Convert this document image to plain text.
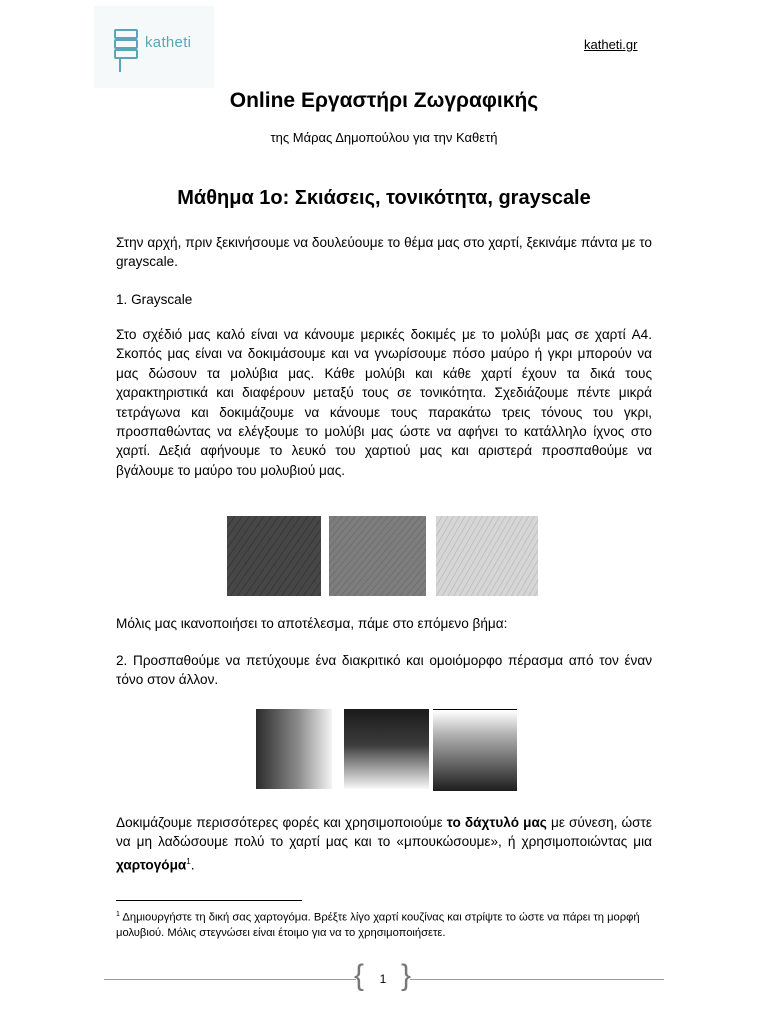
katheti	katheti.gr
Online Εργαστήρι Ζωγραφικής

της Μάρας Δημοπούλου για την Καθετή

Μάθημα 1ο: Σκιάσεις, τονικότητα, grayscale

Στην αρχή, πριν ξεκινήσουμε να δουλεύουμε το θέμα μας στο χαρτί, ξεκινάμε πάντα με το grayscale.

1. Grayscale

Στο σχέδιό μας καλό είναι να κάνουμε μερικές δοκιμές με το μολύβι μας σε χαρτί A4. Σκοπός μας είναι να δοκιμάσουμε και να γνωρίσουμε πόσο μαύρο ή γκρι μπορούν να μας δώσουν τα μολύβια μας. Κάθε μολύβι και κάθε χαρτί έχουν τα δικά τους χαρακτηριστικά και διαφέρουν μεταξύ τους σε τονικότητα. Σχεδιάζουμε πέντε μικρά τετράγωνα και δοκιμάζουμε να κάνουμε τους παρακάτω τρεις τόνους του γκρι, προσπαθώντας να ελέγξουμε το μολύβι μας ώστε να αφήνει το κατάλληλο ίχνος στο χαρτί. Δεξιά αφήνουμε το λευκό του χαρτιού μας και αριστερά προσπαθούμε να βγάλουμε το μαύρο του μολυβιού μας.

Μόλις μας ικανοποιήσει το αποτέλεσμα, πάμε στο επόμενο βήμα:

2. Προσπαθούμε να πετύχουμε ένα διακριτικό και ομοιόμορφο πέρασμα από τον έναν τόνο στον άλλον.

Δοκιμάζουμε περισσότερες φορές και χρησιμοποιούμε το δάχτυλό μας με σύνεση, ώστε να μη λαδώσουμε πολύ το χαρτί μας και το «μπουκώσουμε», ή χρησιμοποιώντας μια χαρτογόμα$^1$.

$^1$ Δημιουργήστε τη δική σας χαρτογόμα. Βρέξτε λίγο χαρτί κουζίνας και στρίψτε το ώστε να πάρει τη μορφή μολυβιού. Μόλις στεγνώσει είναι έτοιμο για να το χρησιμοποιήσετε.

{ }
1
